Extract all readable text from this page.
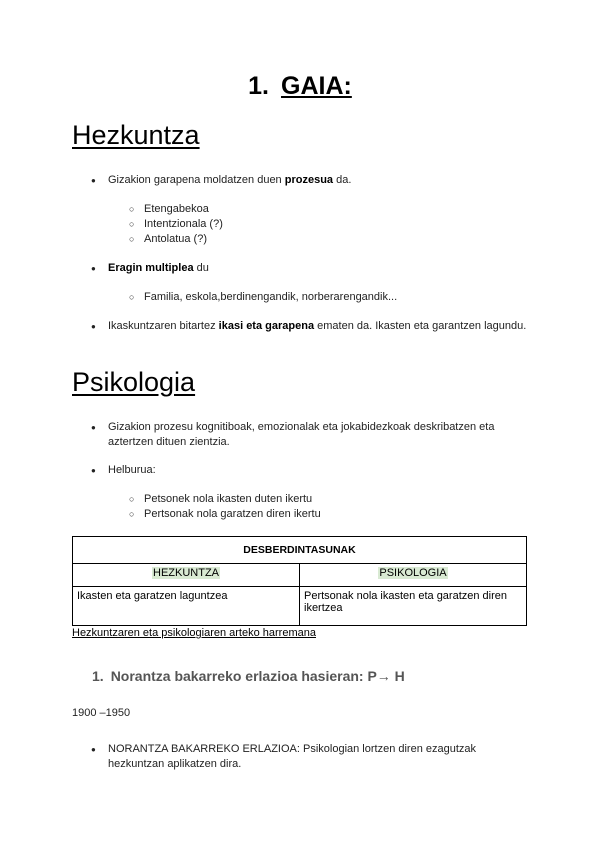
1. GAIA:
Hezkuntza
● Gizakion garapena moldatzen duen prozesua da.
○ Etengabekoa
○ Intentzionala (?)
○ Antolatua (?)
● Eragin multiplea du
○ Familia, eskola,berdinengandik, norberarengandik...
● Ikaskuntzaren bitartez ikasi eta garapena ematen da. Ikasten eta garantzen lagundu.
Psikologia
● Gizakion prozesu kognitiboak, emozionalak eta jokabidezkoak deskribatzen eta aztertzen dituen zientzia.
● Helburua:
○ Petsonek nola ikasten duten ikertu
○ Pertsonak nola garatzen diren ikertu
DESBERDINTASUNAK	
HEZKUNTZA	PSIKOLOGIA
Ikasten eta garatzen laguntzea	Pertsonak nola ikasten eta garatzen diren ikertzea
Hezkuntzaren eta psikologiaren arteko harremana
1. Norantza bakarreko erlazioa hasieran: P→ H
1900 –1950
● NORANTZA BAKARREKO ERLAZIOA: Psikologian lortzen diren ezagutzak hezkuntzan aplikatzen dira.
